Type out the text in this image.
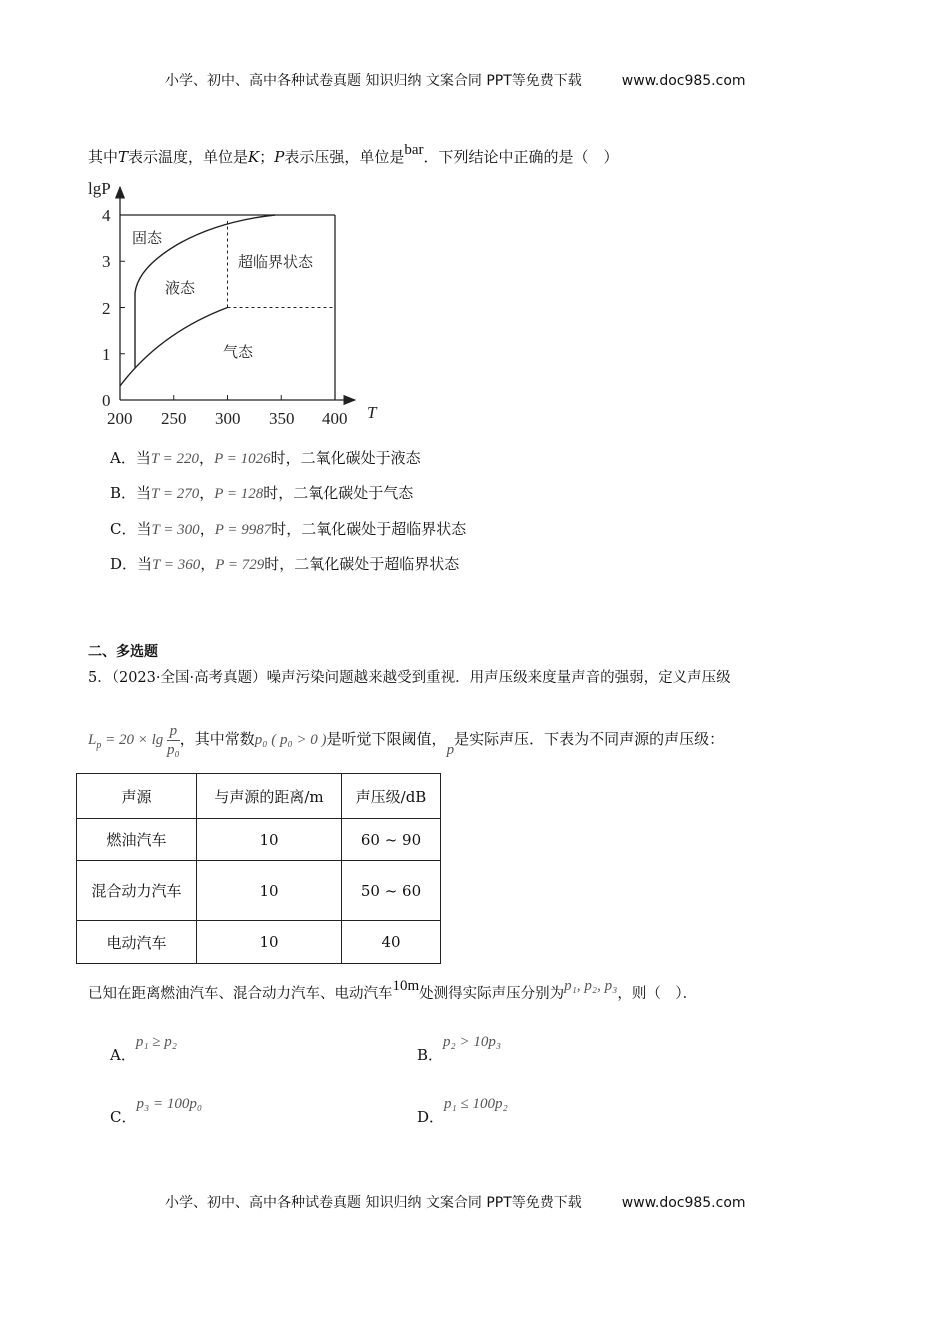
小学、初中、高中各种试卷真题 知识归纳 文案合同 PPT等免费下载	www.doc985.com
其中T表示温度，单位是K；P表示压强，单位是bar．下列结论中正确的是（　）
0
1
2
3
4
200 250 300 350 400 T
lgP
固态
液态
超临界状态
气态
A．当T = 220，P = 1026时，二氧化碳处于液态
B．当T = 270，P = 128时，二氧化碳处于气态
C．当T = 300，P = 9987时，二氧化碳处于超临界状态
D．当T = 360，P = 729时，二氧化碳处于超临界状态
二、多选题
5．（2023·全国·高考真题）噪声污染问题越来越受到重视．用声压级来度量声音的强弱，定义声压级
$L_p = 20 \times \lg \frac{p}{\text{p₀}}$ ，其中常数p₀ ( p₀ > 0 )是听觉下限阈值，p是实际声压．下表为不同声源的声压级：
声源	与声源的距离/m	声压级/dB
燃油汽车	10	60 ~ 90
混合动力汽车	10	50 ~ 60
电动汽车	10	40
已知在距离燃油汽车、混合动力汽车、电动汽车10m处测得实际声压分别为p₁, p₂, p₃，则（　）．
A．p₁ ≥ p₂
B．p₂ > 10p₃
C．p₃ = 100p₀
D．p₁ ≤ 100p₂
小学、初中、高中各种试卷真题 知识归纳 文案合同 PPT等免费下载	www.doc985.com
